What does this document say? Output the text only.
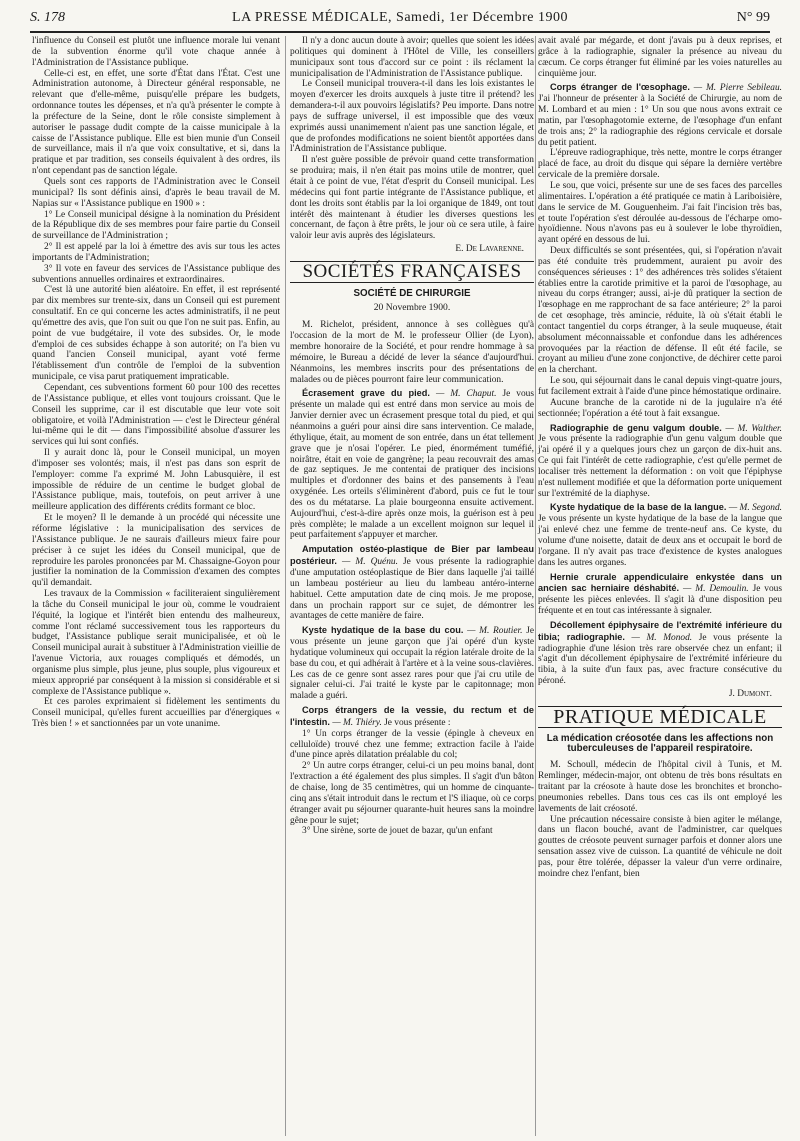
S. 178	LA PRESSE MÉDICALE, Samedi, 1er Décembre 1900	N° 99

l'influence du Conseil est plutôt une influence morale lui venant de la subvention énorme qu'il vote chaque année à l'Administration de l'Assistance publique.

Celle-ci est, en effet, une sorte d'État dans l'État. C'est une Administration autonome, à Directeur général responsable, ne relevant que d'elle-même, puisqu'elle prépare les budgets, ordonnance toutes les dépenses, et n'a qu'à présenter le compte à la préfecture de la Seine, dont le rôle consiste simplement à autoriser le passage dudit compte de la caisse municipale à la caisse de l'Assistance publique. Elle est bien munie d'un Conseil de surveillance, mais il n'a que voix consultative, et si, dans la pratique et par tradition, ses conseils équivalent à des ordres, ils n'ont cependant pas de sanction légale.

Quels sont ces rapports de l'Administration avec le Conseil municipal? Ils sont définis ainsi, d'après le beau travail de M. Napias sur « l'Assistance publique en 1900 » :

1° Le Conseil municipal désigne à la nomination du Président de la République dix de ses membres pour faire partie du Conseil de surveillance de l'Administration ;

2° Il est appelé par la loi à émettre des avis sur tous les actes importants de l'Administration;

3° Il vote en faveur des services de l'Assistance publique des subventions annuelles ordinaires et extraordinaires.

C'est là une autorité bien aléatoire. En effet, il est représenté par dix membres sur trente-six, dans un Conseil qui est purement consultatif. En ce qui concerne les actes administratifs, il ne peut qu'émettre des avis, que l'on suit ou que l'on ne suit pas. Enfin, au point de vue budgétaire, il vote des subsides. Or, le mode d'emploi de ces subsides échappe à son autorité; on l'a bien vu quand l'ancien Conseil municipal, ayant voté ferme l'établissement d'un contrôle de l'emploi de la subvention municipale, ce visa parut pratiquement impraticable.

Cependant, ces subventions forment 60 pour 100 des recettes de l'Assistance publique, et elles vont toujours croissant. Que le Conseil les supprime, car il est discutable que leur vote soit obligatoire, et voilà l'Administration — c'est le Directeur général lui-même qui le dit — dans l'impossibilité absolue d'assurer les services qui lui sont confiés.

Il y aurait donc là, pour le Conseil municipal, un moyen d'imposer ses volontés; mais, il n'est pas dans son esprit de l'employer: comme l'a exprimé M. John Labusquière, il est impossible de réduire de un centime le budget global de l'Assistance publique, mais, toutefois, on peut arriver à une meilleure application des différents crédits formant ce bloc.

Et le moyen? Il le demande à un procédé qui nécessite une réforme législative : la municipalisation des services de l'Assistance publique. Je ne saurais d'ailleurs mieux faire pour préciser à ce sujet les idées du Conseil municipal, que de reproduire les paroles prononcées par M. Chassaigne-Goyon pour justifier la nomination de la Commission d'examen des comptes qu'il demandait.

Les travaux de la Commission « faciliteraient singulièrement la tâche du Conseil municipal le jour où, comme le voudraient l'équité, la logique et l'intérêt bien entendu des malheureux, comme l'ont réclamé successivement tous les rapporteurs du budget, l'Assistance publique serait municipalisée, et où le Conseil municipal aurait à substituer à l'Administration vieillie de l'avenue Victoria, aux rouages compliqués et démodés, un organisme plus simple, plus jeune, plus souple, plus vigoureux et mieux approprié par conséquent à la mission si considérable et si complexe de l'Assistance publique ».

Et ces paroles exprimaient si fidèlement les sentiments du Conseil municipal, qu'elles furent accueillies par d'énergiques « Très bien ! » et sanctionnées par un vote unanime.

Il n'y a donc aucun doute à avoir; quelles que soient les idées politiques qui dominent à l'Hôtel de Ville, les conseillers municipaux sont tous d'accord sur ce point : ils réclament la municipalisation de l'Administration de l'Assistance publique.

Le Conseil municipal trouvera-t-il dans les lois existantes le moyen d'exercer les droits auxquels à juste titre il prétend? les demandera-t-il aux pouvoirs législatifs? Peu importe. Dans notre pays de suffrage universel, il est impossible que des vœux exprimés aussi unanimement n'aient pas une sanction légale, et que de profondes modifications ne soient bientôt apportées dans l'Administration de l'Assistance publique.

Il n'est guère possible de prévoir quand cette transformation se produira; mais, il n'en était pas moins utile de montrer, quel était à ce point de vue, l'état d'esprit du Conseil municipal. Les médecins qui font partie intégrante de l'Assistance publique, et dont les droits sont établis par la loi organique de 1849, ont tout intérêt dès maintenant à étudier les diverses questions les concernant, de façon à être prêts, le jour où ce sera utile, à faire valoir leur avis auprès des législateurs.

E. De Lavarenne.
SOCIÉTÉS FRANÇAISES
SOCIÉTÉ DE CHIRURGIE
20 Novembre 1900.

M. Richelot, président, annonce à ses collègues qu'à l'occasion de la mort de M. le professeur Ollier (de Lyon), membre honoraire de la Société, et pour rendre hommage à sa mémoire, le Bureau a décidé de lever la séance d'aujourd'hui. Néanmoins, les membres inscrits pour des présentations de malades ou de pièces pourront faire leur communication.

Écrasement grave du pied. — M. Chaput. Je vous présente un malade qui est entré dans mon service au mois de Janvier dernier avec un écrasement presque total du pied, et qui néanmoins a guéri pour ainsi dire sans intervention. Ce malade, éthylique, était, au moment de son entrée, dans un état tellement grave que je n'osai l'opérer. Le pied, énormément tuméfié, noirâtre, était en voie de gangrène; la peau recouvrait des amas de gaz septiques. Je me contentai de pratiquer des incisions multiples et d'ordonner des bains et des pansements à l'eau oxygénée. Les orteils s'éliminèrent d'abord, puis ce fut le tour des os du métatarse. La plaie bourgeonna ensuite activement. Aujourd'hui, c'est-à-dire après onze mois, la guérison est à peu près complète; le malade a un excellent moignon sur lequel il peut parfaitement s'appuyer et marcher.

Amputation ostéo-plastique de Bier par lambeau postérieur. — M. Quénu. Je vous présente la radiographie d'une amputation ostéoplastique de Bier dans laquelle j'ai taillé un lambeau postérieur au lieu du lambeau antéro-interne habituel. Cette amputation date de cinq mois. Je me propose, dans un prochain rapport sur ce sujet, de démontrer les avantages de cette manière de faire.

Kyste hydatique de la base du cou. — M. Routier. Je vous présente un jeune garçon que j'ai opéré d'un kyste hydatique volumineux qui occupait la région latérale droite de la base du cou, et qui adhérait à l'artère et à la veine sous-clavières. Les cas de ce genre sont assez rares pour que j'ai cru utile de signaler celui-ci. J'ai traité le kyste par le capitonnage; mon malade a guéri.

Corps étrangers de la vessie, du rectum et de l'intestin. — M. Thiéry. Je vous présente :

1° Un corps étranger de la vessie (épingle à cheveux en celluloïde) trouvé chez une femme; extraction facile à l'aide d'une pince après dilatation préalable du col;

2° Un autre corps étranger, celui-ci un peu moins banal, dont l'extraction a été également des plus simples. Il s'agit d'un bâton de chaise, long de 35 centimètres, qui un homme de cinquante-cinq ans s'était introduit dans le rectum et l'S iliaque, où ce corps étranger avait pu séjourner quarante-huit heures sans la moindre gêne pour le sujet;

3° Une sirène, sorte de jouet de bazar, qu'un enfant

avait avalé par mégarde, et dont j'avais pu à deux reprises, et grâce à la radiographie, signaler la présence au niveau du cæcum. Ce corps étranger fut éliminé par les voies naturelles au cinquième jour.

Corps étranger de l'œsophage. — M. Pierre Sebileau. J'ai l'honneur de présenter à la Société de Chirurgie, au nom de M. Lombard et au mien : 1° Un sou que nous avons extrait ce matin, par l'œsophagotomie externe, de l'œsophage d'un enfant de trois ans; 2° la radiographie des régions cervicale et dorsale du petit patient.

L'épreuve radiographique, très nette, montre le corps étranger placé de face, au droit du disque qui sépare la dernière vertèbre cervicale de la première dorsale.

Le sou, que voici, présente sur une de ses faces des parcelles alimentaires. L'opération a été pratiquée ce matin à Lariboisière, dans le service de M. Gouguenheim. J'ai fait l'incision très bas, et toute l'opération s'est déroulée au-dessous de l'écharpe omo-hyoïdienne. Nous n'avons pas eu à soulever le lobe thyroïdien, ayant opéré en dessous de lui.

Deux difficultés se sont présentées, qui, si l'opération n'avait pas été conduite très prudemment, auraient pu avoir des conséquences sérieuses : 1° des adhérences très solides s'étaient établies entre la carotide primitive et la paroi de l'œsophage, au niveau du corps étranger; aussi, ai-je dû pratiquer la section de l'œsophage en me rapprochant de sa face antérieure; 2° la paroi de cet œsophage, très amincie, réduite, là où s'était établi le contact tangentiel du corps étranger, à la seule muqueuse, était absolument méconnaissable et confondue dans les adhérences provoquées par la réaction de défense. Il eût été facile, se croyant au milieu d'une zone conjonctive, de déchirer cette paroi en la cherchant.

Le sou, qui séjournait dans le canal depuis vingt-quatre jours, fut facilement extrait à l'aide d'une pince hémostatique ordinaire.

Aucune branche de la carotide ni de la jugulaire n'a été sectionnée; l'opération a été tout à fait exsangue.

Radiographie de genu valgum double. — M. Walther. Je vous présente la radiographie d'un genu valgum double que j'ai opéré il y a quelques jours chez un garçon de dix-huit ans. Ce qui fait l'intérêt de cette radiographie, c'est qu'elle permet de localiser très nettement la déformation : on voit que l'épiphyse n'est nullement modifiée et que la déformation porte uniquement sur l'extrémité de la diaphyse.

Kyste hydatique de la base de la langue. — M. Segond. Je vous présente un kyste hydatique de la base de la langue que j'ai enlevé chez une femme de trente-neuf ans. Ce kyste, du volume d'une noisette, datait de deux ans et occupait le bord de l'organe. Il n'y avait pas trace d'existence de kystes analogues dans les autres organes.

Hernie crurale appendiculaire enkystée dans un ancien sac herniaire déshabité. — M. Demoulin. Je vous présente les pièces enlevées. Il s'agit là d'une disposition peu fréquente et en tout cas intéressante à signaler.

Décollement épiphysaire de l'extrémité inférieure du tibia; radiographie. — M. Monod. Je vous présente la radiographie d'une lésion très rare observée chez un enfant; il s'agit d'un décollement épiphysaire de l'extrémité inférieure du tibia, à la suite d'un faux pas, avec fracture consécutive du péroné.

J. Dumont.
PRATIQUE MÉDICALE
La médication créosotée dans les affections non tuberculeuses de l'appareil respiratoire.

M. Schoull, médecin de l'hôpital civil à Tunis, et M. Remlinger, médecin-major, ont obtenu de très bons résultats en traitant par la créosote à haute dose les bronchites et broncho-pneumonies rebelles. Dans tous ces cas ils ont employé les lavements de lait créosoté.

Une précaution nécessaire consiste à bien agiter le mélange, dans un flacon bouché, avant de l'administrer, car quelques gouttes de créosote peuvent surnager parfois et donner alors une sensation assez vive de cuisson. La quantité de véhicule ne doit pas, pour être tolérée, dépasser la valeur d'un verre ordinaire, moindre chez l'enfant, bien
